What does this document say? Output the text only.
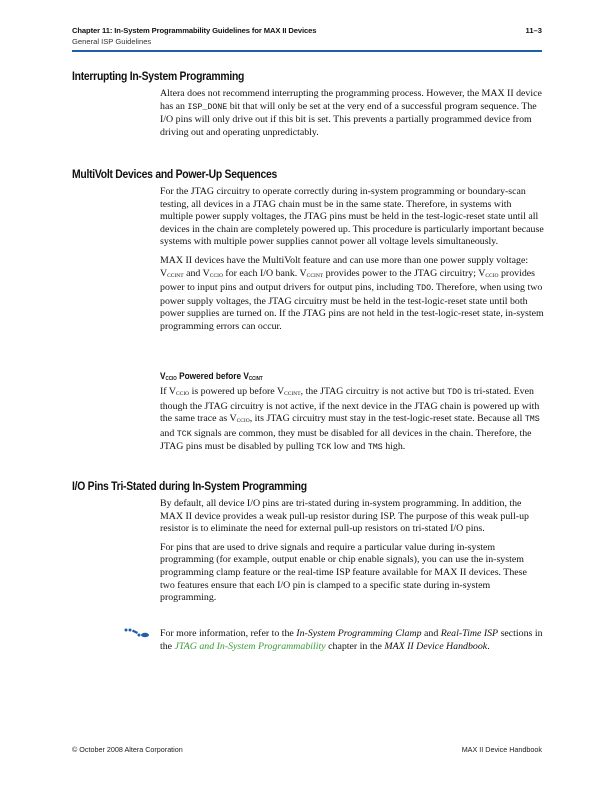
Chapter 11: In-System Programmability Guidelines for MAX II Devices	11–3
General ISP Guidelines
Interrupting In-System Programming

Altera does not recommend interrupting the programming process. However, the MAX II device has an ISP_DONE bit that will only be set at the very end of a successful program sequence. The I/O pins will only drive out if this bit is set. This prevents a partially programmed device from driving out and operating unpredictably.

MultiVolt Devices and Power-Up Sequences

For the JTAG circuitry to operate correctly during in-system programming or boundary-scan testing, all devices in a JTAG chain must be in the same state. Therefore, in systems with multiple power supply voltages, the JTAG pins must be held in the test-logic-reset state until all devices in the chain are completely powered up. This procedure is particularly important because systems with multiple power supplies cannot power all voltage levels simultaneously.

MAX II devices have the MultiVolt feature and can use more than one power supply voltage: VCCINT and VCCIO for each I/O bank. VCCINT provides power to the JTAG circuitry; VCCIO provides power to input pins and output drivers for output pins, including TDO. Therefore, when using two power supply voltages, the JTAG circuitry must be held in the test-logic-reset state until both power supplies are turned on. If the JTAG pins are not held in the test-logic-reset state, in-system programming errors can occur.

$V_{CCIO}$ Powered before $V_{CCINT}$

If VCCIO is powered up before VCCINT, the JTAG circuitry is not active but TDO is tri-stated. Even though the JTAG circuitry is not active, if the next device in the JTAG chain is powered up with the same trace as VCCIO, its JTAG circuitry must stay in the test-logic-reset state. Because all TMS and TCK signals are common, they must be disabled for all devices in the chain. Therefore, the JTAG pins must be disabled by pulling TCK low and TMS high.

I/O Pins Tri-Stated during In-System Programming

By default, all device I/O pins are tri-stated during in-system programming. In addition, the MAX II device provides a weak pull-up resistor during ISP. The purpose of this weak pull-up resistor is to eliminate the need for external pull-up resistors on tri-stated I/O pins.

For pins that are used to drive signals and require a particular value during in-system programming (for example, output enable or chip enable signals), you can use the in-system programming clamp feature or the real-time ISP feature available for MAX II devices. These two features ensure that each I/O pin is clamped to a specific state during in-system programming.

For more information, refer to the In-System Programming Clamp and Real-Time ISP sections in the JTAG and In-System Programmability chapter in the MAX II Device Handbook.

© October 2008 Altera Corporation	MAX II Device Handbook
